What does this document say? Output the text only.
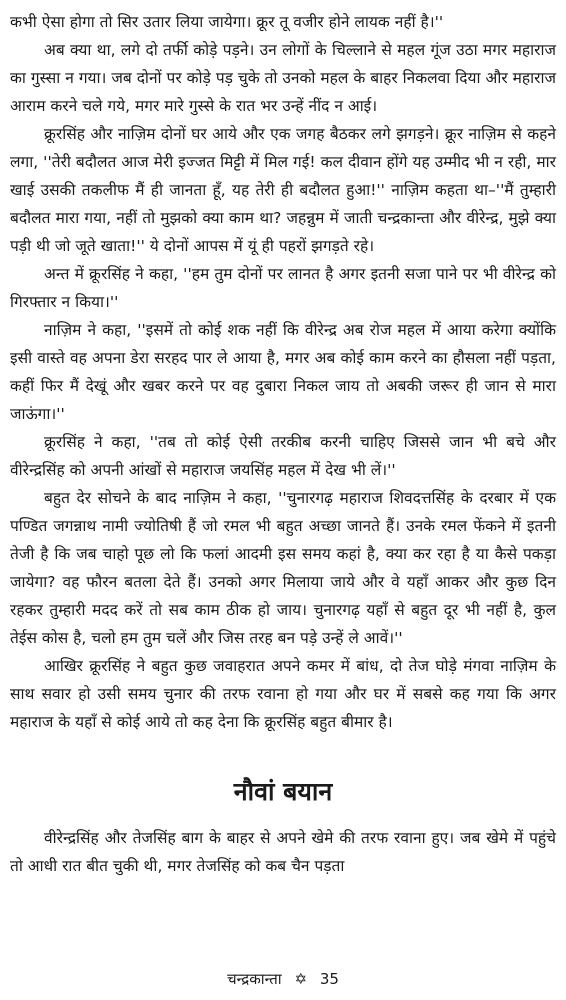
कभी ऐसा होगा तो सिर उतार लिया जायेगा। क्रूर तू वजीर होने लायक नहीं है।''

अब क्या था, लगे दो तर्फी कोड़े पड़ने। उन लोगों के चिल्लाने से महल गूंज उठा मगर महाराज का गुस्सा न गया। जब दोनों पर कोड़े पड़ चुके तो उनको महल के बाहर निकलवा दिया और महाराज आराम करने चले गये, मगर मारे गुस्से के रात भर उन्हें नींद न आई।

क्रूरसिंह और नाज़िम दोनों घर आये और एक जगह बैठकर लगे झगड़ने। क्रूर नाज़िम से कहने लगा, ''तेरी बदौलत आज मेरी इज्जत मिट्टी में मिल गई! कल दीवान होंगे यह उम्मीद भी न रही, मार खाई उसकी तकलीफ मैं ही जानता हूँ, यह तेरी ही बदौलत हुआ!'' नाज़िम कहता था–''मैं तुम्हारी बदौलत मारा गया, नहीं तो मुझको क्या काम था? जहन्नुम में जाती चन्द्रकान्ता और वीरेन्द्र, मुझे क्या पड़ी थी जो जूते खाता!'' ये दोनों आपस में यूं ही पहरों झगड़ते रहे।

अन्त में क्रूरसिंह ने कहा, ''हम तुम दोनों पर लानत है अगर इतनी सजा पाने पर भी वीरेन्द्र को गिरफ्तार न किया।''

नाज़िम ने कहा, ''इसमें तो कोई शक नहीं कि वीरेन्द्र अब रोज महल में आया करेगा क्योंकि इसी वास्ते वह अपना डेरा सरहद पार ले आया है, मगर अब कोई काम करने का हौसला नहीं पड़ता, कहीं फिर मैं देखूं और खबर करने पर वह दुबारा निकल जाय तो अबकी जरूर ही जान से मारा जाऊंगा।''

क्रूरसिंह ने कहा, ''तब तो कोई ऐसी तरकीब करनी चाहिए जिससे जान भी बचे और वीरेन्द्रसिंह को अपनी आंखों से महाराज जयसिंह महल में देख भी लें।''

बहुत देर सोचने के बाद नाज़िम ने कहा, ''चुनारगढ़ महाराज शिवदत्तसिंह के दरबार में एक पण्डित जगन्नाथ नामी ज्योतिषी हैं जो रमल भी बहुत अच्छा जानते हैं। उनके रमल फेंकने में इतनी तेजी है कि जब चाहो पूछ लो कि फलां आदमी इस समय कहां है, क्या कर रहा है या कैसे पकड़ा जायेगा? वह फौरन बतला देते हैं। उनको अगर मिलाया जाये और वे यहाँ आकर और कुछ दिन रहकर तुम्हारी मदद करें तो सब काम ठीक हो जाय। चुनारगढ़ यहाँ से बहुत दूर भी नहीं है, कुल तेईस कोस है, चलो हम तुम चलें और जिस तरह बन पड़े उन्हें ले आवें।''

आखिर क्रूरसिंह ने बहुत कुछ जवाहरात अपने कमर में बांध, दो तेज घोड़े मंगवा नाज़िम के साथ सवार हो उसी समय चुनार की तरफ रवाना हो गया और घर में सबसे कह गया कि अगर महाराज के यहाँ से कोई आये तो कह देना कि क्रूरसिंह बहुत बीमार है।

नौवां बयान

वीरेन्द्रसिंह और तेजसिंह बाग के बाहर से अपने खेमे की तरफ रवाना हुए। जब खेमे में पहुंचे तो आधी रात बीत चुकी थी, मगर तेजसिंह को कब चैन पड़ता

चन्द्रकान्ता ✡ 35
